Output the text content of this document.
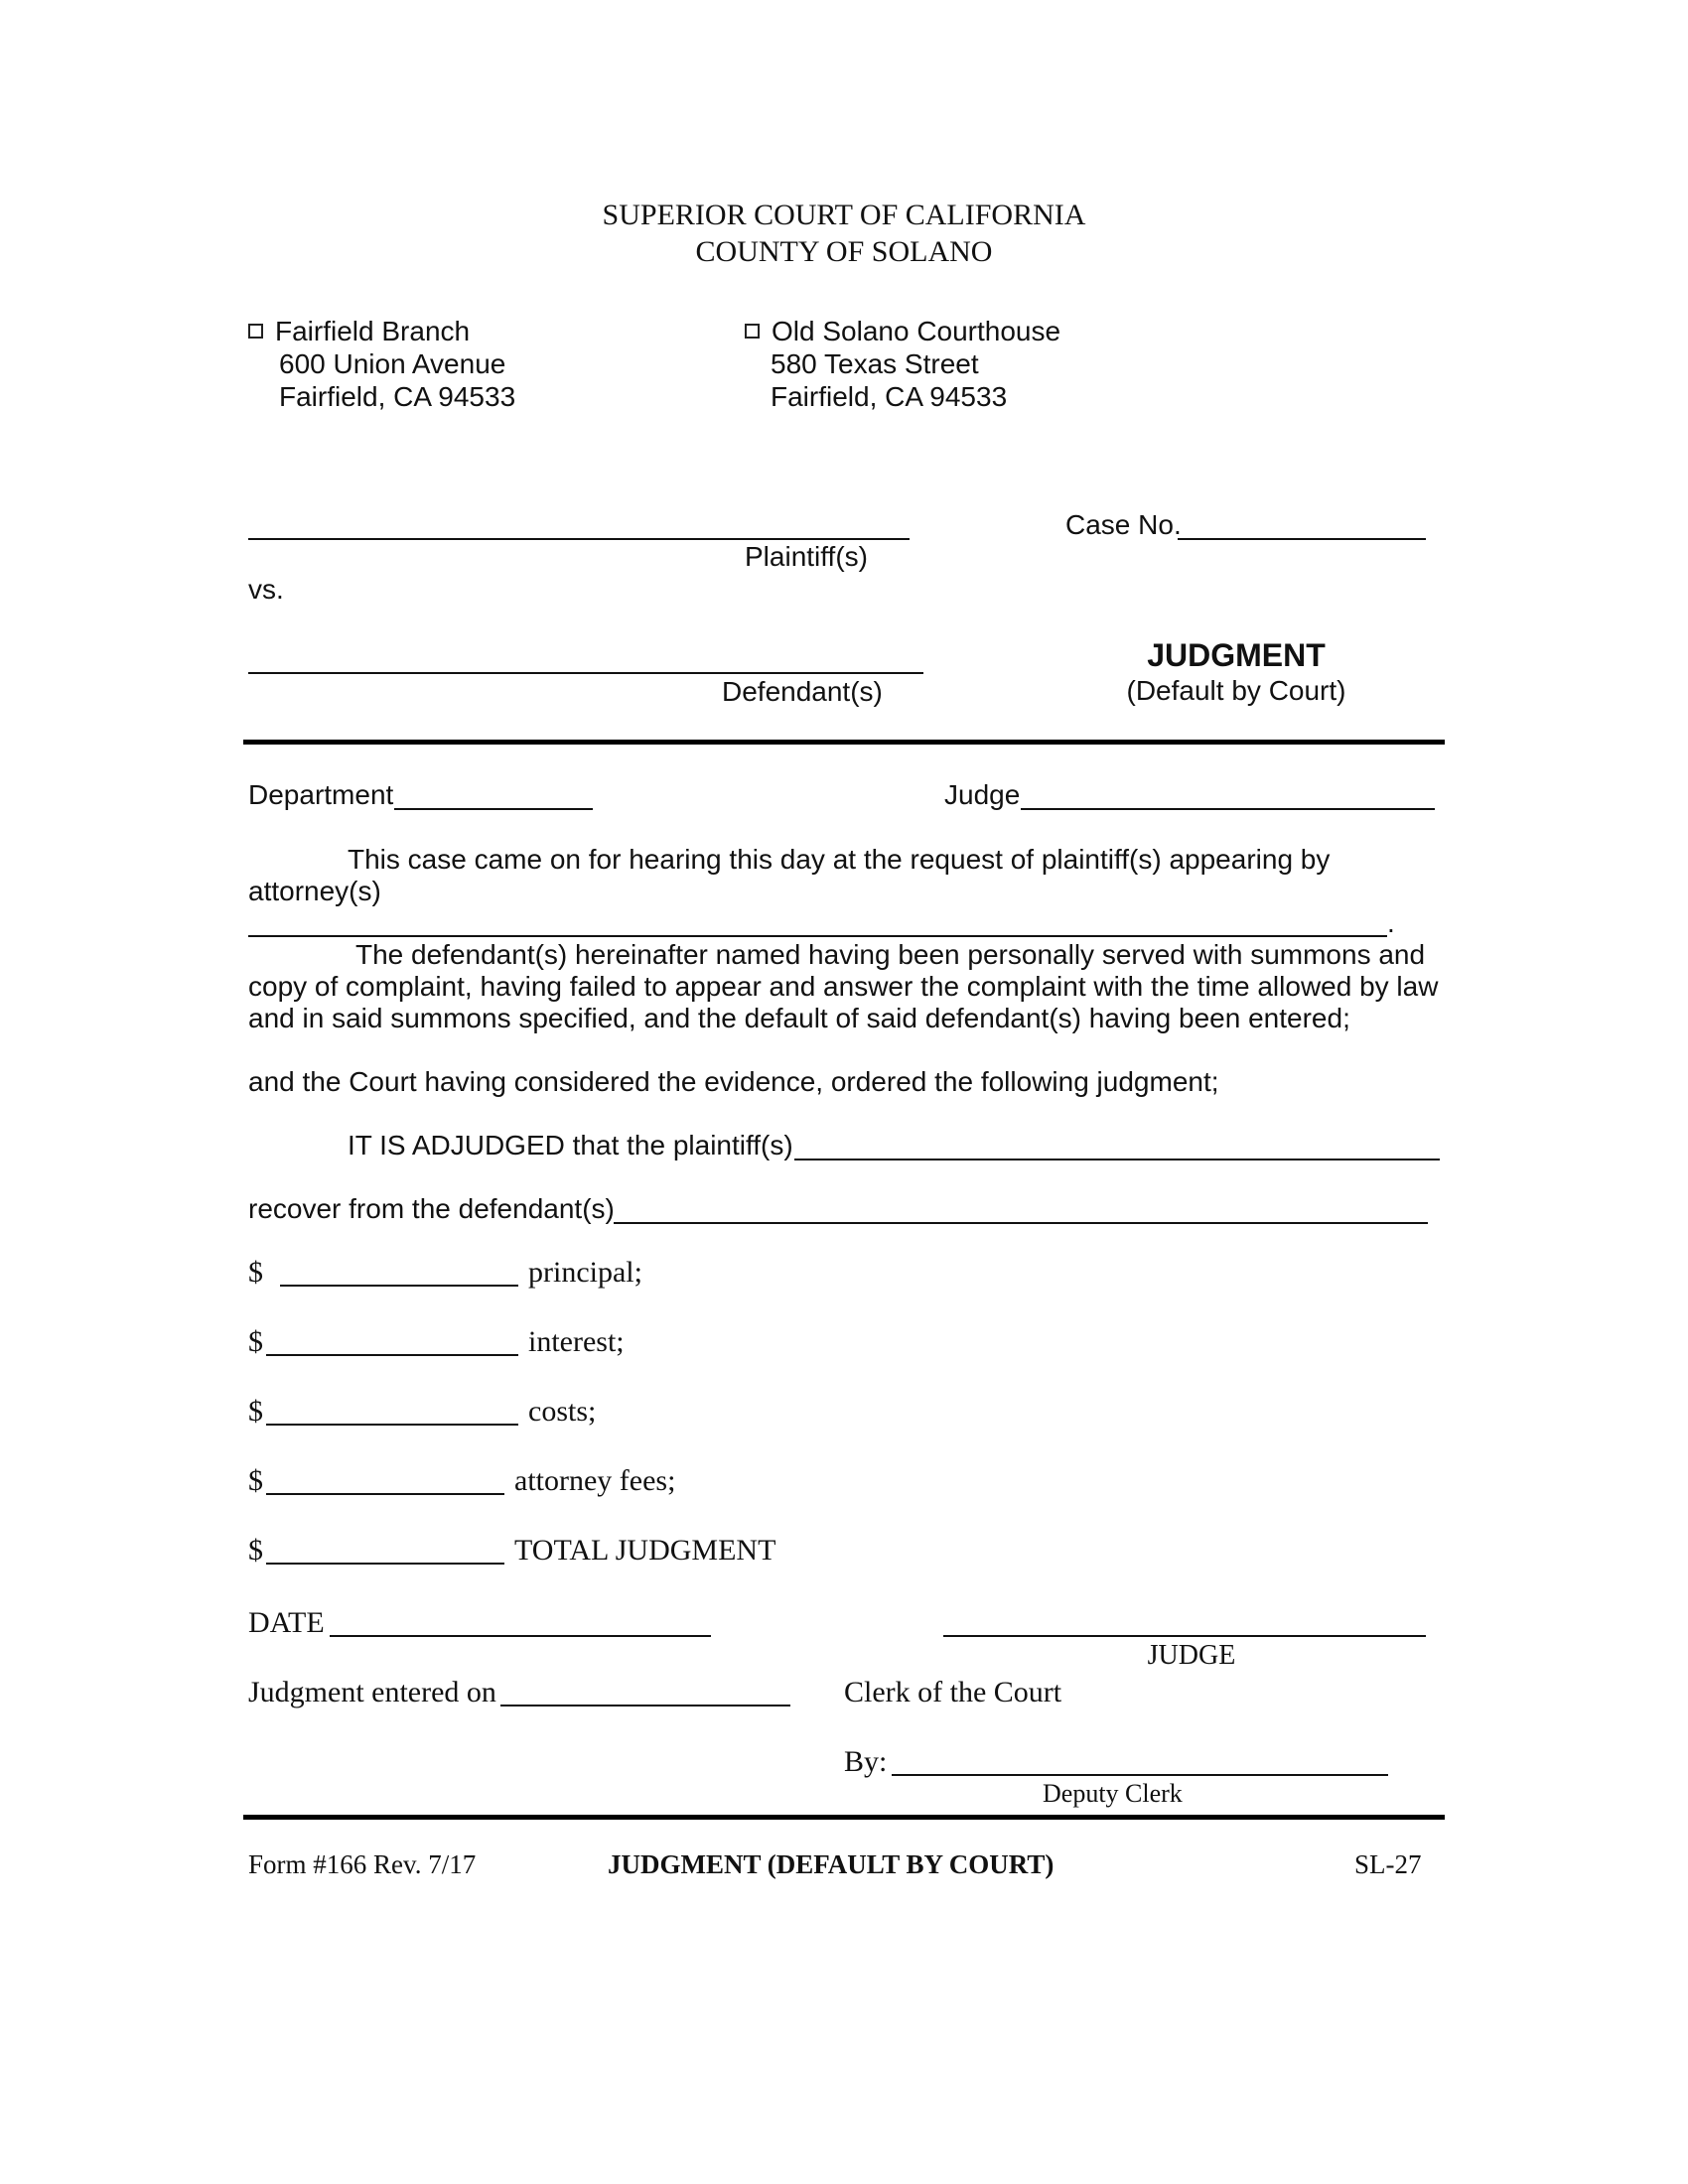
SUPERIOR COURT OF CALIFORNIA
COUNTY OF SOLANO
Fairfield Branch
600 Union Avenue
Fairfield, CA 94533
Old Solano Courthouse
580 Texas Street
Fairfield, CA 94533
Plaintiff(s)
vs.
Case No.
Defendant(s)
JUDGMENT
(Default by Court)
Department	Judge
This case came on for hearing this day at the request of plaintiff(s) appearing by
attorney(s)
.
The defendant(s) hereinafter named having been personally served with summons and
copy of complaint, having failed to appear and answer the complaint with the time allowed by law
and in said summons specified, and the default of said defendant(s) having been entered;
and the Court having considered the evidence, ordered the following judgment;
IT IS ADJUDGED that the plaintiff(s)
recover from the defendant(s)
$	principal;
$	interest;
$	costs;
$	attorney fees;
$	TOTAL JUDGMENT
DATE
JUDGE
Judgment entered on	Clerk of the Court
By:
Deputy Clerk
Form #166 Rev. 7/17	JUDGMENT (DEFAULT BY COURT)	SL-27
